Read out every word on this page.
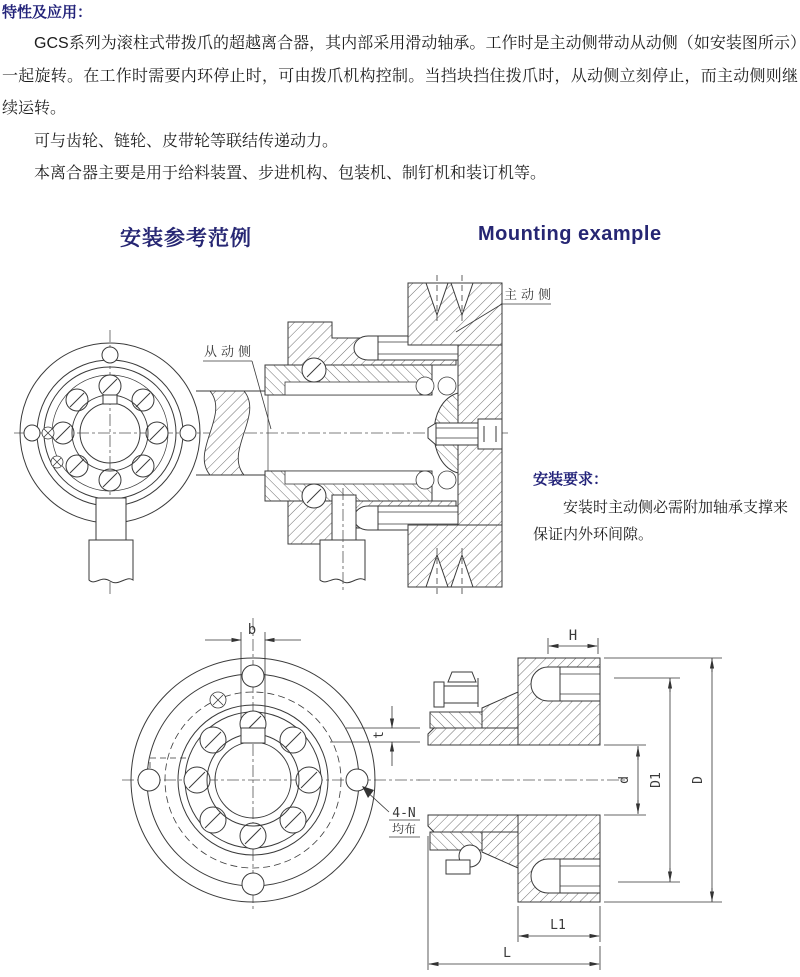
特性及应用：

GCS系列为滚柱式带拨爪的超越离合器，其内部采用滑动轴承。工作时是主动侧带动从动侧（如安装图所示）一起旋转。在工作时需要内环停止时，可由拨爪机构控制。当挡块挡住拨爪时，从动侧立刻停止，而主动侧则继续运转。

可与齿轮、链轮、皮带轮等联结传递动力。

本离合器主要是用于给料装置、步进机构、包装机、制钉机和装订机等。

安装参考范例	Mounting example
安装要求：

安装时主动侧必需附加轴承支撑来保证内外环间隙。

从动侧
主动侧
b
t
4-N
均布
H
d D1 D
L1
L
